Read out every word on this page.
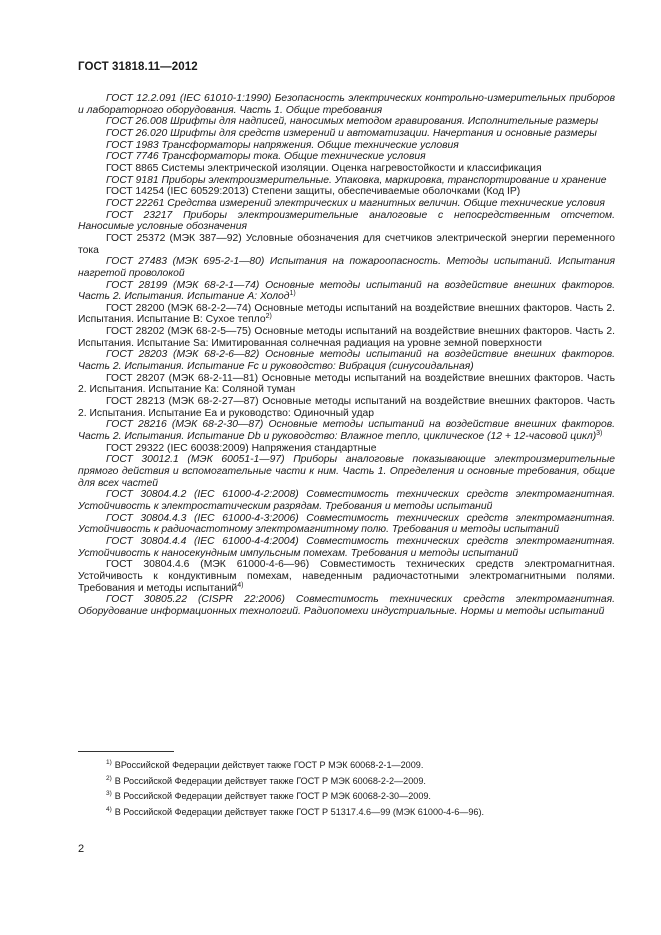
ГОСТ 31818.11—2012

ГОСТ 12.2.091 (IEC 61010-1:1990) Безопасность электрических контрольно-измерительных приборов и лабораторного оборудования. Часть 1. Общие требования

ГОСТ 26.008 Шрифты для надписей, наносимых методом гравирования. Исполнительные размеры

ГОСТ 26.020 Шрифты для средств измерений и автоматизации. Начертания и основные размеры

ГОСТ 1983 Трансформаторы напряжения. Общие технические условия

ГОСТ 7746 Трансформаторы тока. Общие технические условия

ГОСТ 8865 Системы электрической изоляции. Оценка нагревостойкости и классификация

ГОСТ 9181 Приборы электроизмерительные. Упаковка, маркировка, транспортирование и хранение

ГОСТ 14254 (IEC 60529:2013) Степени защиты, обеспечиваемые оболочками (Код IP)

ГОСТ 22261 Средства измерений электрических и магнитных величин. Общие технические условия

ГОСТ 23217 Приборы электроизмерительные аналоговые с непосредственным отсчетом. Наносимые условные обозначения

ГОСТ 25372 (МЭК 387—92) Условные обозначения для счетчиков электрической энергии переменного тока

ГОСТ 27483 (МЭК 695-2-1—80) Испытания на пожароопасность. Методы испытаний. Испытания нагретой проволокой

ГОСТ 28199 (МЭК 68-2-1—74) Основные методы испытаний на воздействие внешних факторов. Часть 2. Испытания. Испытание А: Холод$^{1)}$

ГОСТ 28200 (МЭК 68-2-2—74) Основные методы испытаний на воздействие внешних факторов. Часть 2. Испытания. Испытание В: Сухое тепло$^{2)}$

ГОСТ 28202 (МЭК 68-2-5—75) Основные методы испытаний на воздействие внешних факторов. Часть 2. Испытания. Испытание Sa: Имитированная солнечная радиация на уровне земной поверхности

ГОСТ 28203 (МЭК 68-2-6—82) Основные методы испытаний на воздействие внешних факторов. Часть 2. Испытания. Испытание Fc и руководство: Вибрация (синусоидальная)

ГОСТ 28207 (МЭК 68-2-11—81) Основные методы испытаний на воздействие внешних факторов. Часть 2. Испытания. Испытание Ка: Соляной туман

ГОСТ 28213 (МЭК 68-2-27—87) Основные методы испытаний на воздействие внешних факторов. Часть 2. Испытания. Испытание Еа и руководство: Одиночный удар

ГОСТ 28216 (МЭК 68-2-30—87) Основные методы испытаний на воздействие внешних факторов. Часть 2. Испытания. Испытание Db и руководство: Влажное тепло, циклическое (12 + 12-часовой цикл)$^{3)}$

ГОСТ 29322 (IEC 60038:2009) Напряжения стандартные

ГОСТ 30012.1 (МЭК 60051-1—97) Приборы аналоговые показывающие электроизмерительные прямого действия и вспомогательные части к ним. Часть 1. Определения и основные требования, общие для всех частей

ГОСТ 30804.4.2 (IEC 61000-4-2:2008) Совместимость технических средств электромагнитная. Устойчивость к электростатическим разрядам. Требования и методы испытаний

ГОСТ 30804.4.3 (IEC 61000-4-3:2006) Совместимость технических средств электромагнитная. Устойчивость к радиочастотному электромагнитному полю. Требования и методы испытаний

ГОСТ 30804.4.4 (IEC 61000-4-4:2004) Совместимость технических средств электромагнитная. Устойчивость к наносекундным импульсным помехам. Требования и методы испытаний

ГОСТ 30804.4.6 (МЭК 61000-4-6—96) Совместимость технических средств электромагнитная. Устойчивость к кондуктивным помехам, наведенным радиочастотными электромагнитными полями. Требования и методы испытаний$^{4)}$

ГОСТ 30805.22 (CISPR 22:2006) Совместимость технических средств электромагнитная. Оборудование информационных технологий. Радиопомехи индустриальные. Нормы и методы испытаний

$^{1)}$ ВРоссийской Федерации действует также ГОСТ Р МЭК 60068-2-1—2009.
$^{2)}$ В Российской Федерации действует также ГОСТ Р МЭК 60068-2-2—2009.
$^{3)}$ В Российской Федерации действует также ГОСТ Р МЭК 60068-2-30—2009.
$^{4)}$ В Российской Федерации действует также ГОСТ Р 51317.4.6—99 (МЭК 61000-4-6—96).
2
